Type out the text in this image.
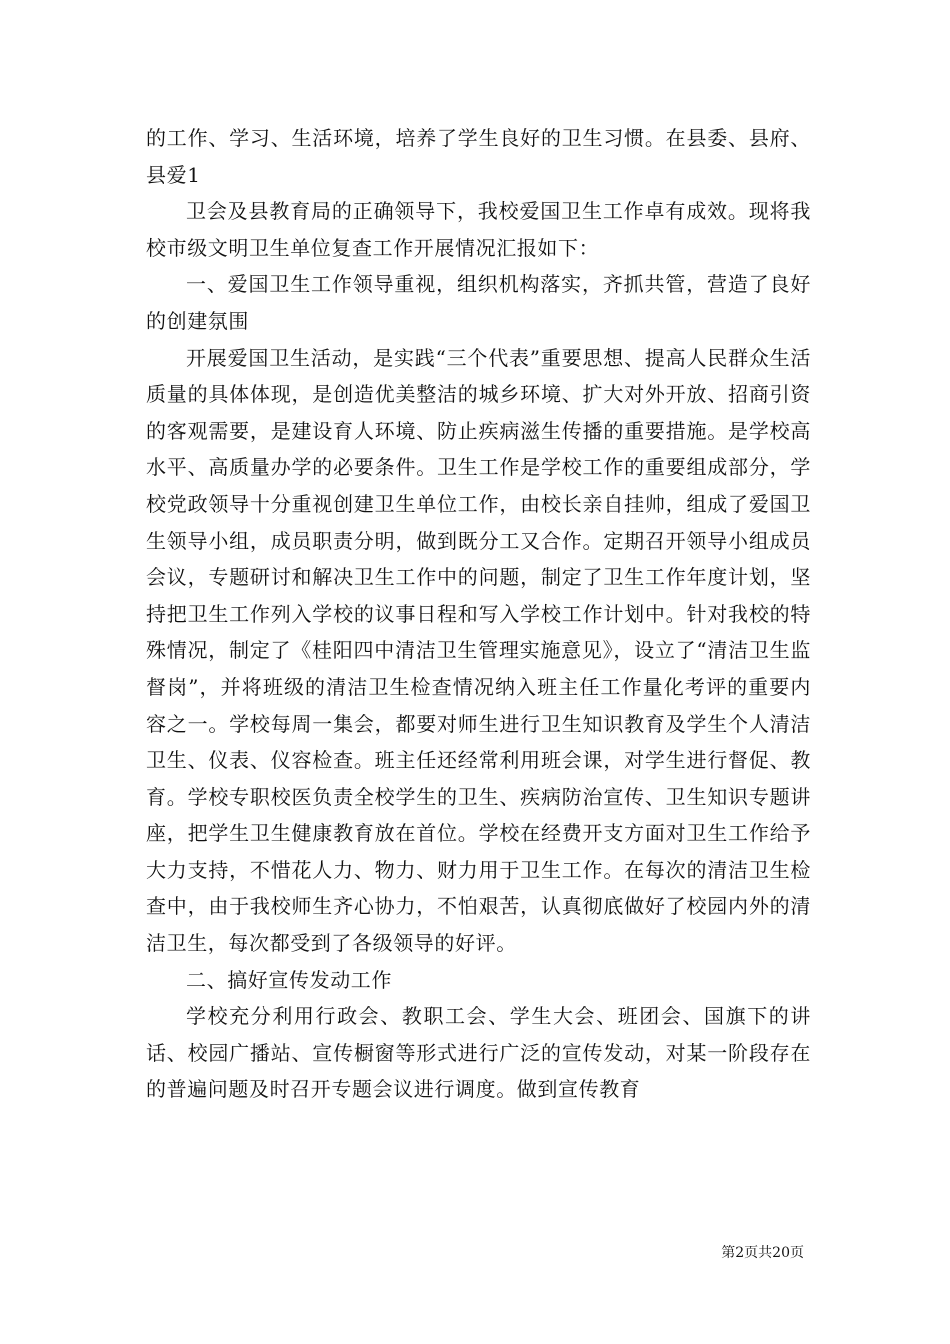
的工作、学习、生活环境，培养了学生良好的卫生习惯。在县委、县府、县爱1

卫会及县教育局的正确领导下，我校爱国卫生工作卓有成效。现将我校市级文明卫生单位复查工作开展情况汇报如下：

一、爱国卫生工作领导重视，组织机构落实，齐抓共管，营造了良好的创建氛围

开展爱国卫生活动，是实践“三个代表”重要思想、提高人民群众生活质量的具体体现，是创造优美整洁的城乡环境、扩大对外开放、招商引资的客观需要，是建设育人环境、防止疾病滋生传播的重要措施。是学校高水平、高质量办学的必要条件。卫生工作是学校工作的重要组成部分，学校党政领导十分重视创建卫生单位工作，由校长亲自挂帅，组成了爱国卫生领导小组，成员职责分明，做到既分工又合作。定期召开领导小组成员会议，专题研讨和解决卫生工作中的问题，制定了卫生工作年度计划，坚持把卫生工作列入学校的议事日程和写入学校工作计划中。针对我校的特殊情况，制定了《桂阳四中清洁卫生管理实施意见》，设立了“清洁卫生监督岗”，并将班级的清洁卫生检查情况纳入班主任工作量化考评的重要内容之一。学校每周一集会，都要对师生进行卫生知识教育及学生个人清洁卫生、仪表、仪容检查。班主任还经常利用班会课，对学生进行督促、教育。学校专职校医负责全校学生的卫生、疾病防治宣传、卫生知识专题讲座，把学生卫生健康教育放在首位。学校在经费开支方面对卫生工作给予大力支持，不惜花人力、物力、财力用于卫生工作。在每次的清洁卫生检查中，由于我校师生齐心协力，不怕艰苦，认真彻底做好了校园内外的清洁卫生，每次都受到了各级领导的好评。

二、搞好宣传发动工作

学校充分利用行政会、教职工会、学生大会、班团会、国旗下的讲话、校园广播站、宣传橱窗等形式进行广泛的宣传发动，对某一阶段存在的普遍问题及时召开专题会议进行调度。做到宣传教育

第2页共20页
